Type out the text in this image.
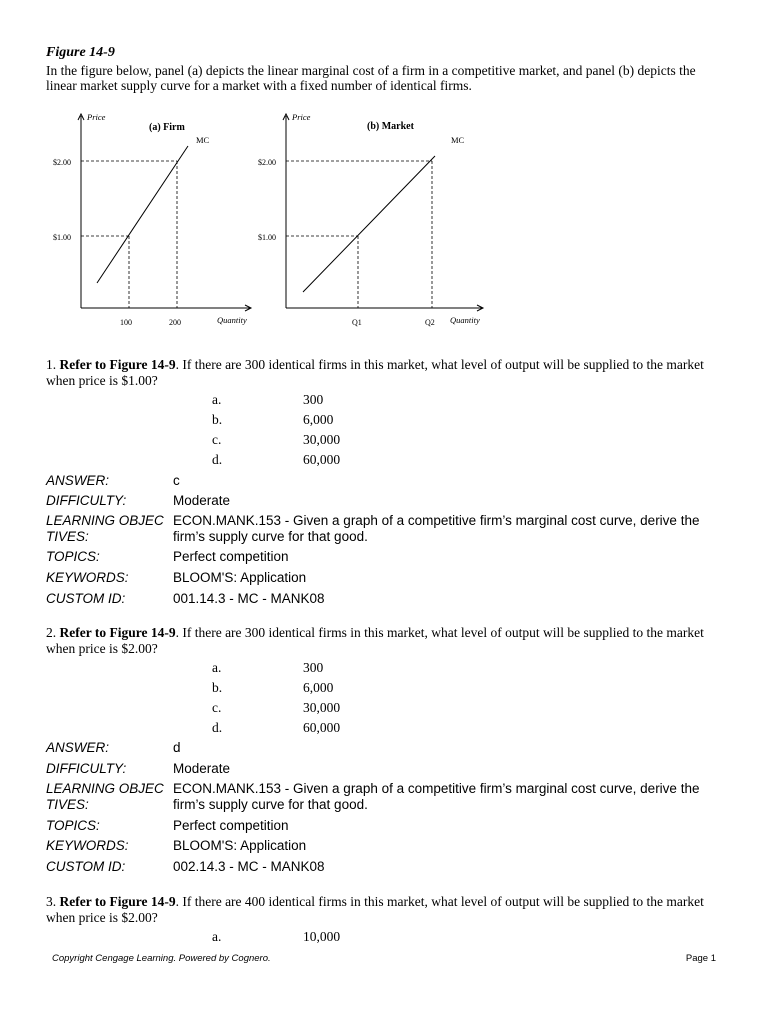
Figure 14-9
In the figure below, panel (a) depicts the linear marginal cost of a firm in a competitive market, and panel (b) depicts the linear market supply curve for a market with a fixed number of identical firms.
Price
(a) Firm
MC
$2.00
$1.00
100	200	Quantity
Price
(b) Market
MC
$2.00
$1.00
Q1	Q2 Quantity
1. Refer to Figure 14-9. If there are 300 identical firms in this market, what level of output will be supplied to the market when price is $1.00?
a.	300
b.	6,000
c.	30,000
d.	60,000
ANSWER:	c
DIFFICULTY:	Moderate
LEARNING OBJEC TIVES:
ECON.MANK.153 - Given a graph of a competitive firm’s marginal cost curve, derive the firm’s supply curve for that good.
TOPICS:	Perfect competition
KEYWORDS:	BLOOM'S: Application
CUSTOM ID:	001.14.3 - MC - MANK08
2. Refer to Figure 14-9. If there are 300 identical firms in this market, what level of output will be supplied to the market when price is $2.00?
a.	300
b.	6,000
c.	30,000
d.	60,000
ANSWER:	d
DIFFICULTY:	Moderate
LEARNING OBJEC TIVES:
ECON.MANK.153 - Given a graph of a competitive firm’s marginal cost curve, derive the firm’s supply curve for that good.
TOPICS:	Perfect competition
KEYWORDS:	BLOOM'S: Application
CUSTOM ID:	002.14.3 - MC - MANK08
3. Refer to Figure 14-9. If there are 400 identical firms in this market, what level of output will be supplied to the market when price is $2.00?
a.	10,000
Copyright Cengage Learning. Powered by Cognero.	Page 1
